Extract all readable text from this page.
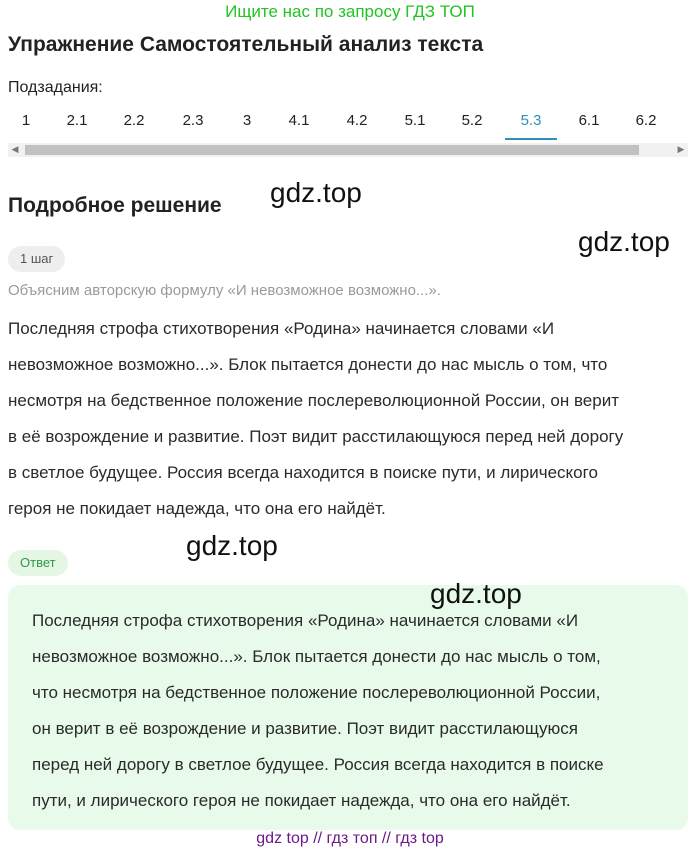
Ищите нас по запросу ГДЗ ТОП
Упражнение Самостоятельный анализ текста
Подзадания:
1	2.1	2.2	2.3	3	4.1	4.2	5.1	5.2	5.3	6.1	6.2
◀	▶
Подробное решение gdz.top
gdz.top
1 шаг
Объясним авторскую формулу «И невозможное возможно...».
Последняя строфа стихотворения «Родина» начинается словами «И
невозможное возможно...». Блок пытается донести до нас мысль о том, что
несмотря на бедственное положение послереволюционной России, он верит
в её возрождение и развитие. Поэт видит расстилающуюся перед ней дорогу
в светлое будущее. Россия всегда находится в поиске пути, и лирического
героя не покидает надежда, что она его найдёт.
Ответ
gdz.top
Последняя строфа стихотворения «Родина» начинается словами «И
невозможное возможно...». Блок пытается донести до нас мысль о том,
что несмотря на бедственное положение послереволюционной России,
он верит в её возрождение и развитие. Поэт видит расстилающуюся
перед ней дорогу в светлое будущее. Россия всегда находится в поиске
пути, и лирического героя не покидает надежда, что она его найдёт.
gdz.top
gdz top // гдз топ // гдз top
